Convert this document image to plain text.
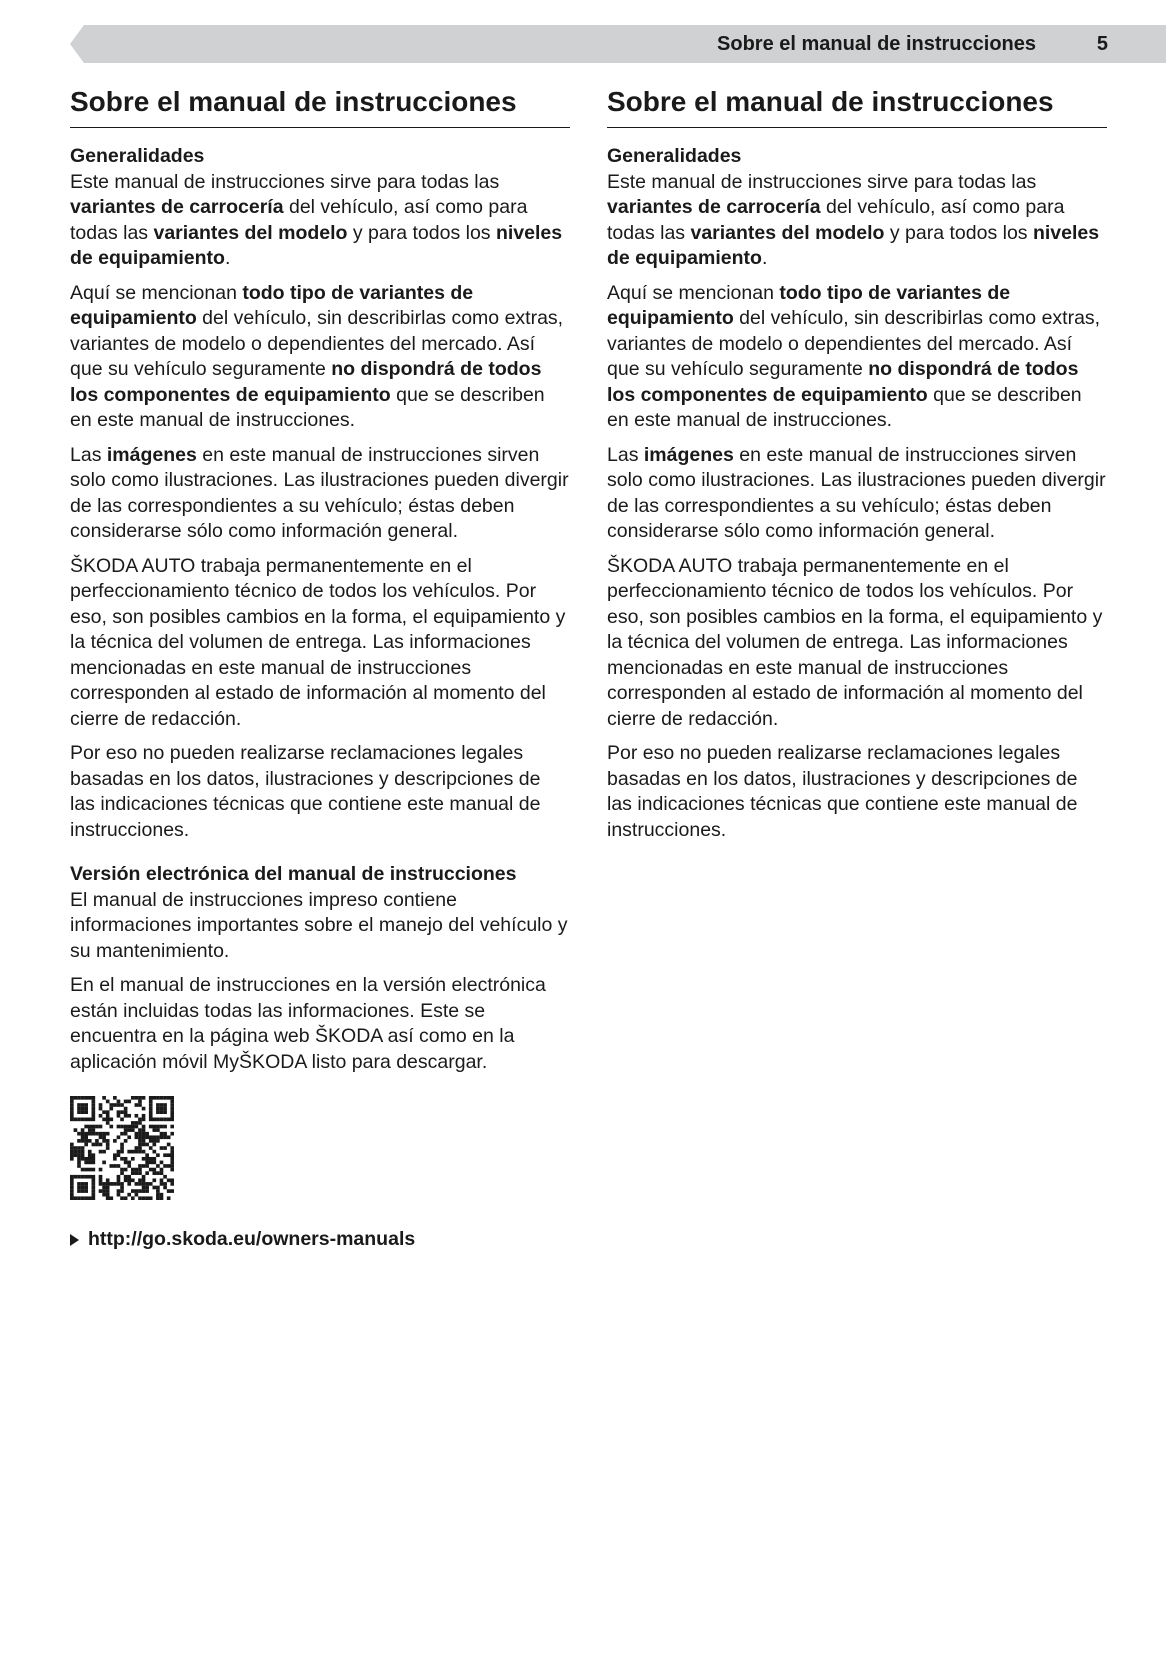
Sobre el manual de instrucciones	5
Sobre el manual de instrucciones
Generalidades

Este manual de instrucciones sirve para todas las variantes de carrocería del vehículo, así como para todas las variantes del modelo y para todos los niveles de equipamiento.

Aquí se mencionan todo tipo de variantes de equipamiento del vehículo, sin describirlas como extras, variantes de modelo o dependientes del mercado. Así que su vehículo seguramente no dispondrá de todos los componentes de equipamiento que se describen en este manual de instrucciones.

Las imágenes en este manual de instrucciones sirven solo como ilustraciones. Las ilustraciones pueden divergir de las correspondientes a su vehículo; éstas deben considerarse sólo como información general.

ŠKODA AUTO trabaja permanentemente en el perfeccionamiento técnico de todos los vehículos. Por eso, son posibles cambios en la forma, el equipamiento y la técnica del volumen de entrega. Las informaciones mencionadas en este manual de instrucciones corresponden al estado de información al momento del cierre de redacción.

Por eso no pueden realizarse reclamaciones legales basadas en los datos, ilustraciones y descripciones de las indicaciones técnicas que contiene este manual de instrucciones.

Versión electrónica del manual de instrucciones

El manual de instrucciones impreso contiene informaciones importantes sobre el manejo del vehículo y su mantenimiento.

En el manual de instrucciones en la versión electrónica están incluidas todas las informaciones. Este se encuentra en la página web ŠKODA así como en la aplicación móvil MyŠKODA listo para descargar.

http://go.skoda.eu/owners-manuals
Sobre el manual de instrucciones
Generalidades

Este manual de instrucciones sirve para todas las variantes de carrocería del vehículo, así como para todas las variantes del modelo y para todos los niveles de equipamiento.

Aquí se mencionan todo tipo de variantes de equipamiento del vehículo, sin describirlas como extras, variantes de modelo o dependientes del mercado. Así que su vehículo seguramente no dispondrá de todos los componentes de equipamiento que se describen en este manual de instrucciones.

Las imágenes en este manual de instrucciones sirven solo como ilustraciones. Las ilustraciones pueden divergir de las correspondientes a su vehículo; éstas deben considerarse sólo como información general.

ŠKODA AUTO trabaja permanentemente en el perfeccionamiento técnico de todos los vehículos. Por eso, son posibles cambios en la forma, el equipamiento y la técnica del volumen de entrega. Las informaciones mencionadas en este manual de instrucciones corresponden al estado de información al momento del cierre de redacción.

Por eso no pueden realizarse reclamaciones legales basadas en los datos, ilustraciones y descripciones de las indicaciones técnicas que contiene este manual de instrucciones.
